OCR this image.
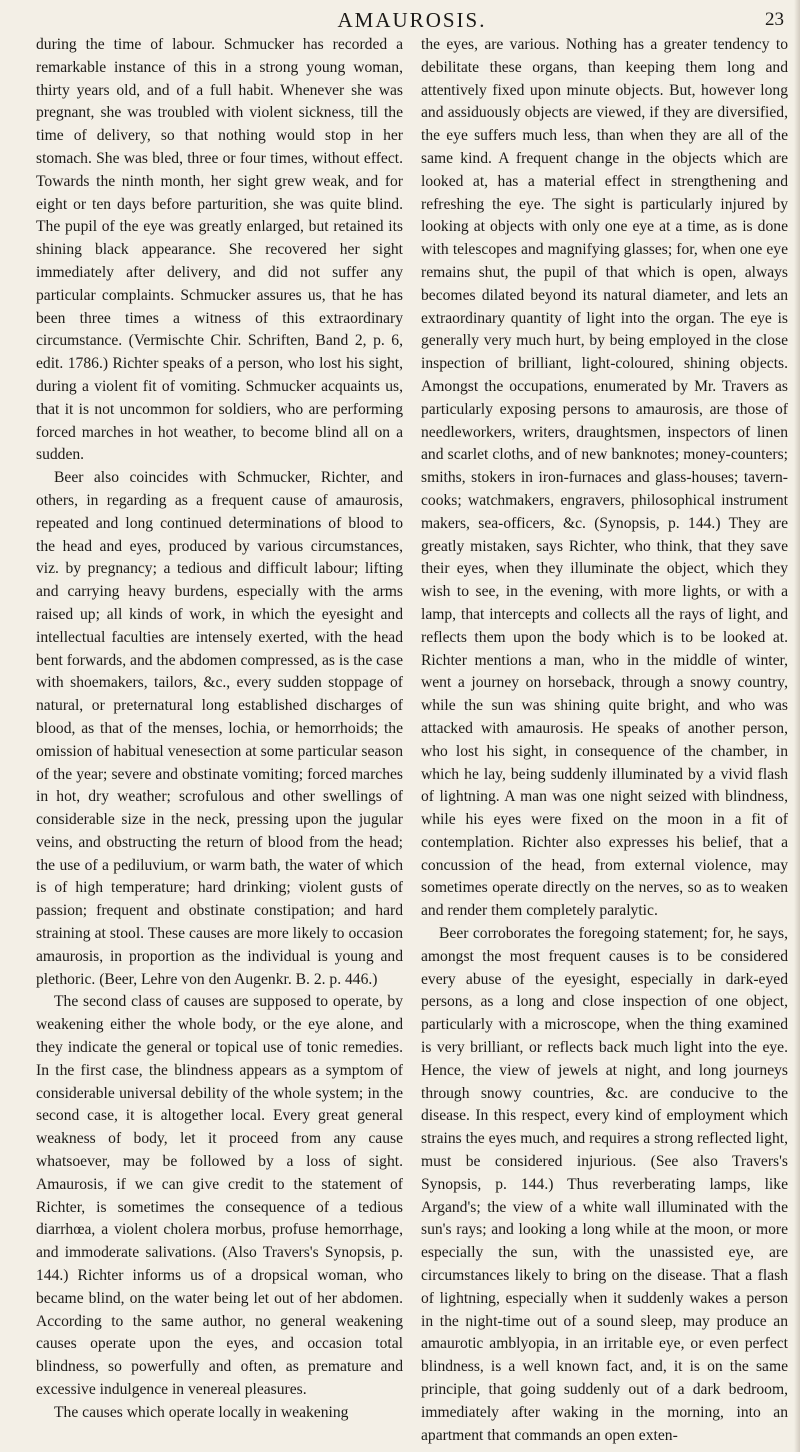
AMAUROSIS.	23

during the time of labour. Schmucker has recorded a remarkable instance of this in a strong young woman, thirty years old, and of a full habit. Whenever she was pregnant, she was troubled with violent sickness, till the time of delivery, so that nothing would stop in her stomach. She was bled, three or four times, without effect. Towards the ninth month, her sight grew weak, and for eight or ten days before parturition, she was quite blind. The pupil of the eye was greatly enlarged, but retained its shining black appearance. She recovered her sight immediately after delivery, and did not suffer any particular complaints. Schmucker assures us, that he has been three times a witness of this extraordinary circumstance. (Vermischte Chir. Schriften, Band 2, p. 6, edit. 1786.) Richter speaks of a person, who lost his sight, during a violent fit of vomiting. Schmucker acquaints us, that it is not uncommon for soldiers, who are performing forced marches in hot weather, to become blind all on a sudden.

Beer also coincides with Schmucker, Richter, and others, in regarding as a frequent cause of amaurosis, repeated and long continued determinations of blood to the head and eyes, produced by various circumstances, viz. by pregnancy; a tedious and difficult labour; lifting and carrying heavy burdens, especially with the arms raised up; all kinds of work, in which the eyesight and intellectual faculties are intensely exerted, with the head bent forwards, and the abdomen compressed, as is the case with shoemakers, tailors, &c., every sudden stoppage of natural, or preternatural long established discharges of blood, as that of the menses, lochia, or hemorrhoids; the omission of habitual venesection at some particular season of the year; severe and obstinate vomiting; forced marches in hot, dry weather; scrofulous and other swellings of considerable size in the neck, pressing upon the jugular veins, and obstructing the return of blood from the head; the use of a pediluvium, or warm bath, the water of which is of high temperature; hard drinking; violent gusts of passion; frequent and obstinate constipation; and hard straining at stool. These causes are more likely to occasion amaurosis, in proportion as the individual is young and plethoric. (Beer, Lehre von den Augenkr. B. 2. p. 446.)

The second class of causes are supposed to operate, by weakening either the whole body, or the eye alone, and they indicate the general or topical use of tonic remedies. In the first case, the blindness appears as a symptom of considerable universal debility of the whole system; in the second case, it is altogether local. Every great general weakness of body, let it proceed from any cause whatsoever, may be followed by a loss of sight. Amaurosis, if we can give credit to the statement of Richter, is sometimes the consequence of a tedious diarrhœa, a violent cholera morbus, profuse hemorrhage, and immoderate salivations. (Also Travers's Synopsis, p. 144.) Richter informs us of a dropsical woman, who became blind, on the water being let out of her abdomen. According to the same author, no general weakening causes operate upon the eyes, and occasion total blindness, so powerfully and often, as premature and excessive indulgence in venereal pleasures.

The causes which operate locally in weakening

the eyes, are various. Nothing has a greater tendency to debilitate these organs, than keeping them long and attentively fixed upon minute objects. But, however long and assiduously objects are viewed, if they are diversified, the eye suffers much less, than when they are all of the same kind. A frequent change in the objects which are looked at, has a material effect in strengthening and refreshing the eye. The sight is particularly injured by looking at objects with only one eye at a time, as is done with telescopes and magnifying glasses; for, when one eye remains shut, the pupil of that which is open, always becomes dilated beyond its natural diameter, and lets an extraordinary quantity of light into the organ. The eye is generally very much hurt, by being employed in the close inspection of brilliant, light-coloured, shining objects. Amongst the occupations, enumerated by Mr. Travers as particularly exposing persons to amaurosis, are those of needleworkers, writers, draughtsmen, inspectors of linen and scarlet cloths, and of new banknotes; money-counters; smiths, stokers in iron-furnaces and glass-houses; tavern-cooks; watchmakers, engravers, philosophical instrument makers, sea-officers, &c. (Synopsis, p. 144.) They are greatly mistaken, says Richter, who think, that they save their eyes, when they illuminate the object, which they wish to see, in the evening, with more lights, or with a lamp, that intercepts and collects all the rays of light, and reflects them upon the body which is to be looked at. Richter mentions a man, who in the middle of winter, went a journey on horseback, through a snowy country, while the sun was shining quite bright, and who was attacked with amaurosis. He speaks of another person, who lost his sight, in consequence of the chamber, in which he lay, being suddenly illuminated by a vivid flash of lightning. A man was one night seized with blindness, while his eyes were fixed on the moon in a fit of contemplation. Richter also expresses his belief, that a concussion of the head, from external violence, may sometimes operate directly on the nerves, so as to weaken and render them completely paralytic.

Beer corroborates the foregoing statement; for, he says, amongst the most frequent causes is to be considered every abuse of the eyesight, especially in dark-eyed persons, as a long and close inspection of one object, particularly with a microscope, when the thing examined is very brilliant, or reflects back much light into the eye. Hence, the view of jewels at night, and long journeys through snowy countries, &c. are conducive to the disease. In this respect, every kind of employment which strains the eyes much, and requires a strong reflected light, must be considered injurious. (See also Travers's Synopsis, p. 144.) Thus reverberating lamps, like Argand's; the view of a white wall illuminated with the sun's rays; and looking a long while at the moon, or more especially the sun, with the unassisted eye, are circumstances likely to bring on the disease. That a flash of lightning, especially when it suddenly wakes a person in the night-time out of a sound sleep, may produce an amaurotic amblyopia, in an irritable eye, or even perfect blindness, is a well known fact, and, it is on the same principle, that going suddenly out of a dark bedroom, immediately after waking in the morning, into an apartment that commands an open exten-
